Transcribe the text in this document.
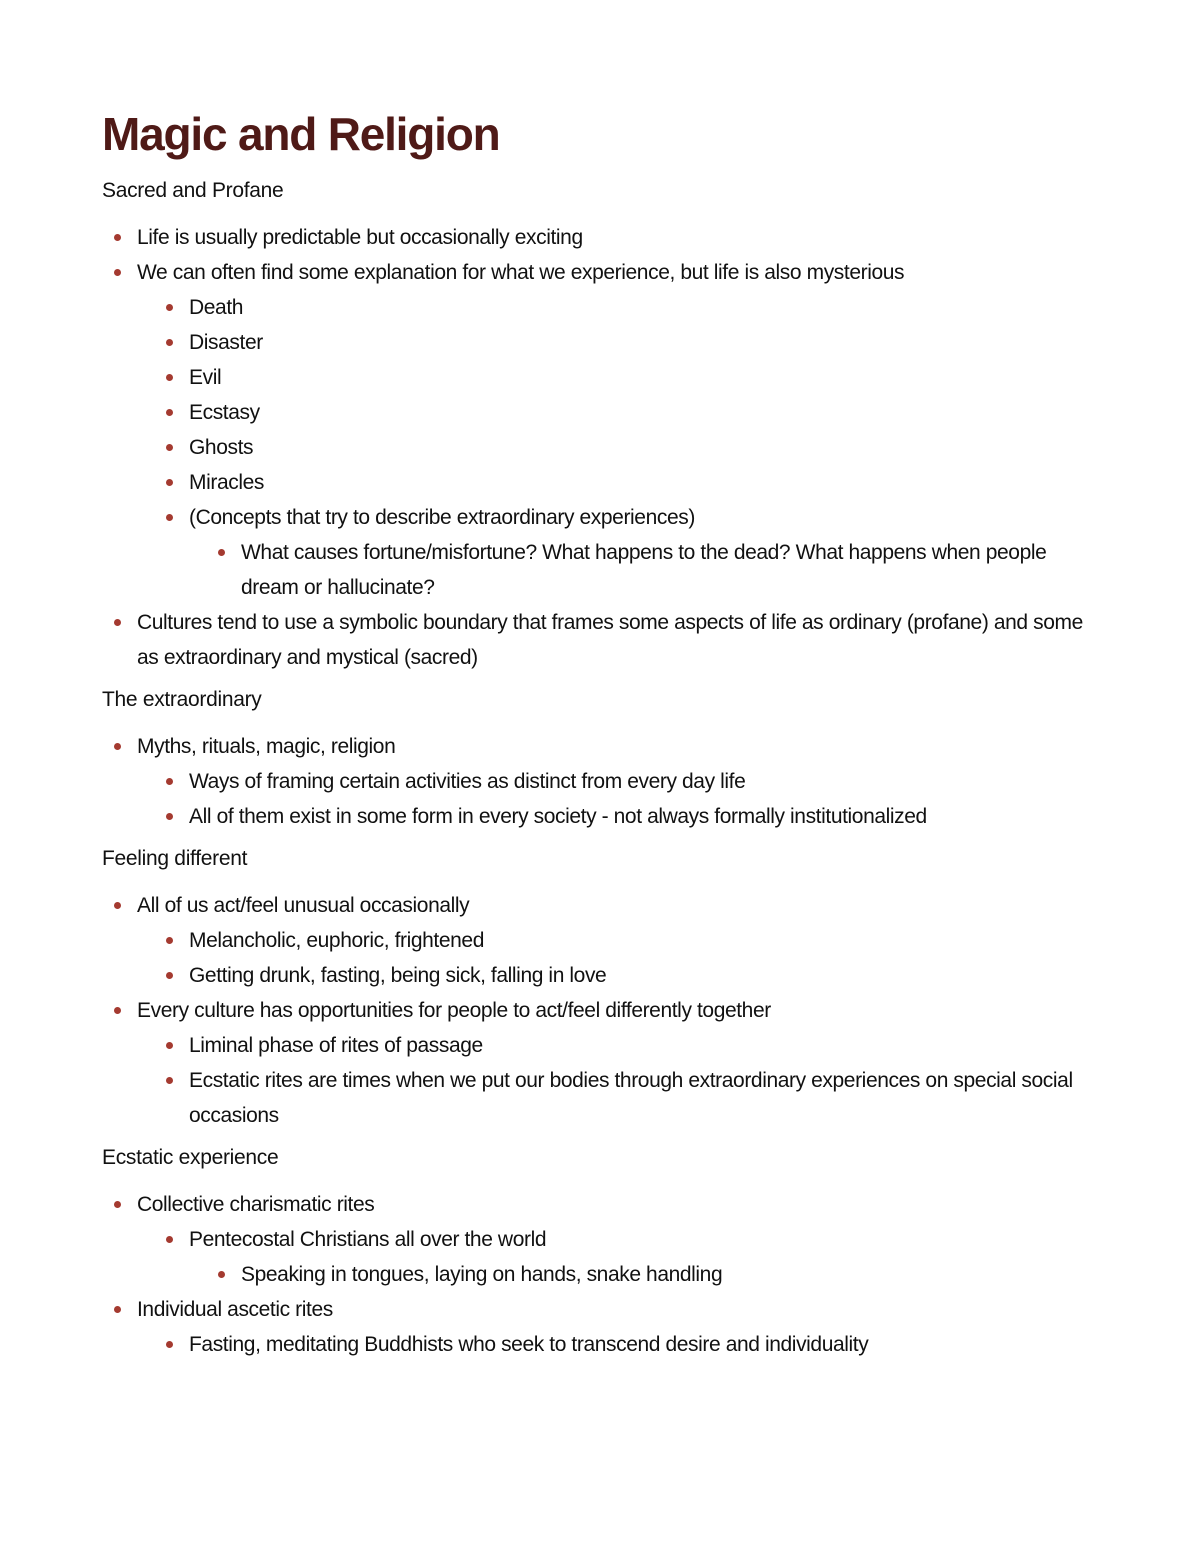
Magic and Religion

Sacred and Profane

Life is usually predictable but occasionally exciting
We can often find some explanation for what we experience, but life is also mysterious
Death
Disaster
Evil
Ecstasy
Ghosts
Miracles
(Concepts that try to describe extraordinary experiences)
What causes fortune/misfortune? What happens to the dead? What happens when people dream or hallucinate?
Cultures tend to use a symbolic boundary that frames some aspects of life as ordinary (profane) and some as extraordinary and mystical (sacred)

The extraordinary

Myths, rituals, magic, religion
Ways of framing certain activities as distinct from every day life
All of them exist in some form in every society - not always formally institutionalized

Feeling different

All of us act/feel unusual occasionally
Melancholic, euphoric, frightened
Getting drunk, fasting, being sick, falling in love
Every culture has opportunities for people to act/feel differently together
Liminal phase of rites of passage
Ecstatic rites are times when we put our bodies through extraordinary experiences on special social occasions

Ecstatic experience

Collective charismatic rites
Pentecostal Christians all over the world
Speaking in tongues, laying on hands, snake handling
Individual ascetic rites
Fasting, meditating Buddhists who seek to transcend desire and individuality
